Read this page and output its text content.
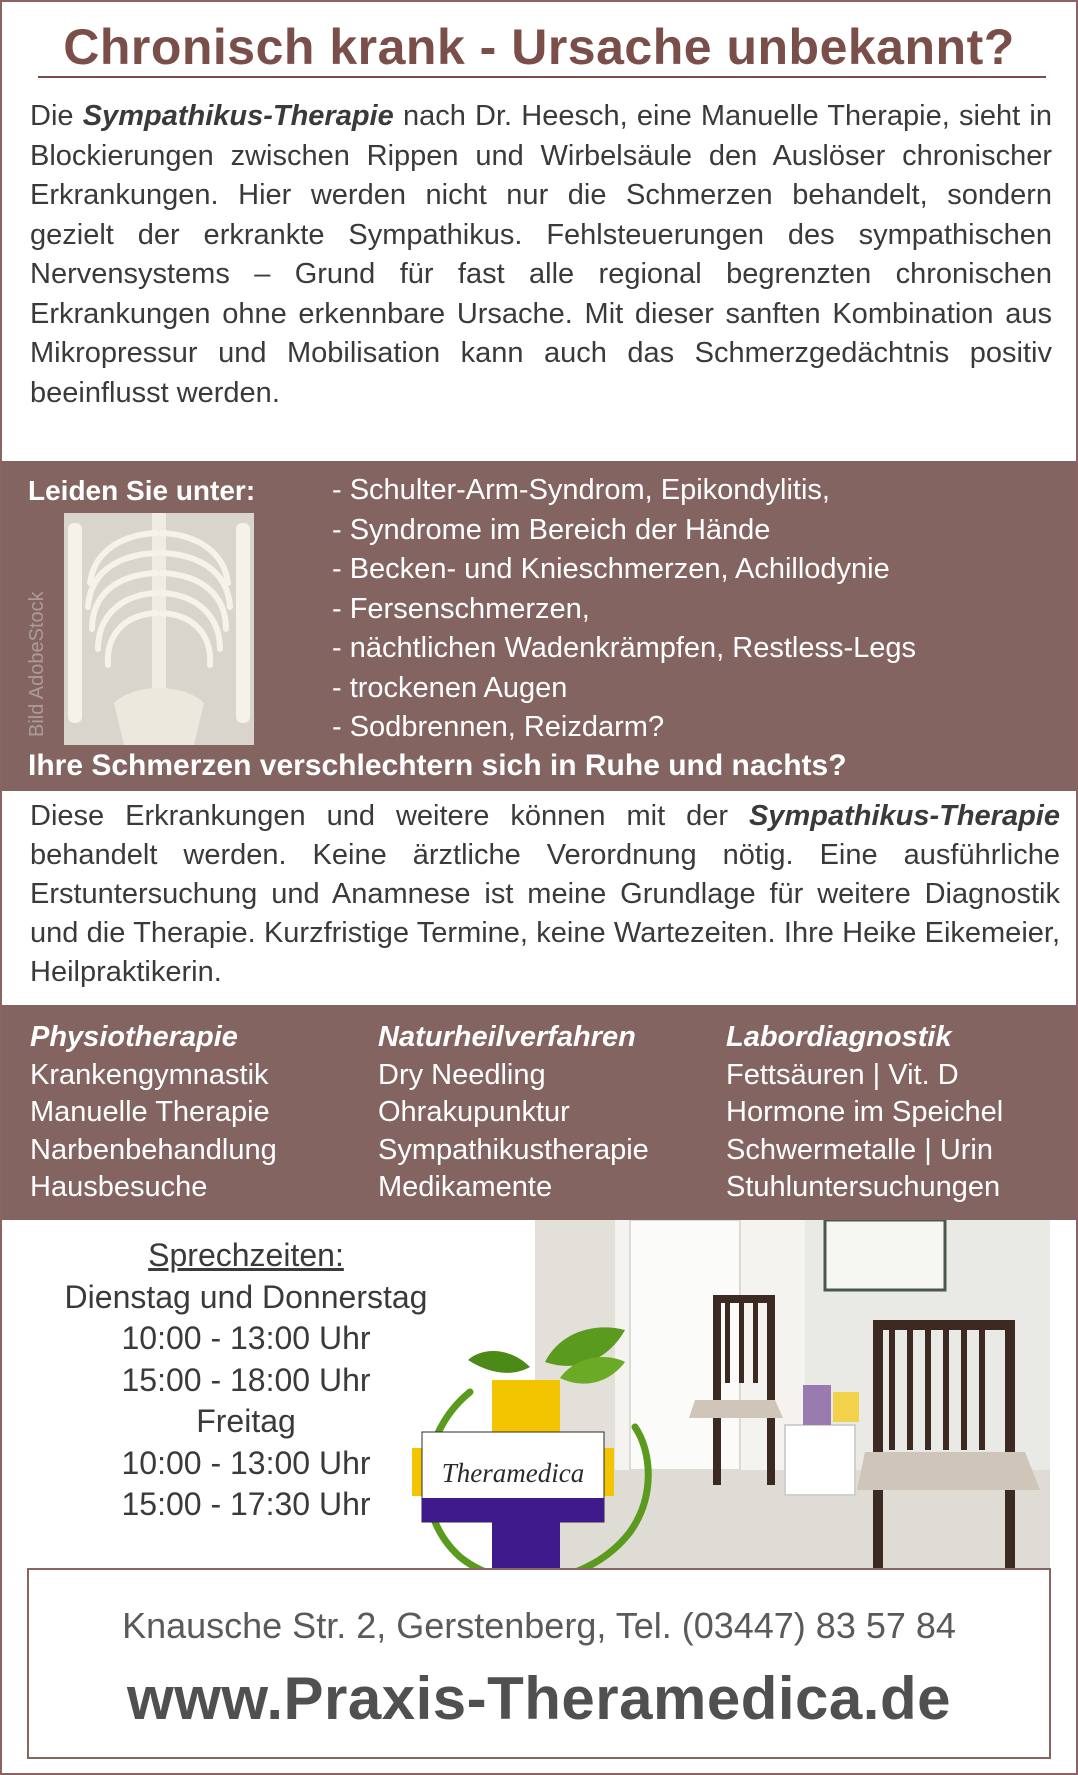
Chronisch krank - Ursache unbekannt?
Die Sympathikus-Therapie nach Dr. Heesch, eine Manuelle Therapie, sieht in Blockierungen zwischen Rippen und Wirbelsäule den Auslöser chronischer Erkrankungen. Hier werden nicht nur die Schmerzen behandelt, sondern gezielt der erkrankte Sympathikus. Fehlsteuerungen des sympathischen Nervensystems – Grund für fast alle regional begrenzten chronischen Erkrankungen ohne erkennbare Ursache. Mit dieser sanften Kombination aus Mikropressur und Mobilisation kann auch das Schmerzgedächtnis positiv beeinflusst werden.
Leiden Sie unter:	- Schulter-Arm-Syndrom, Epikondylitis,
- Syndrome im Bereich der Hände
- Becken- und Knieschmerzen, Achillodynie
- Fersenschmerzen,
- nächtlichen Wadenkrämpfen, Restless-Legs
- trockenen Augen
- Sodbrennen, Reizdarm?
Bild AdobeStock
Ihre Schmerzen verschlechtern sich in Ruhe und nachts?
Diese Erkrankungen und weitere können mit der Sympathikus-Therapie behandelt werden. Keine ärztliche Verordnung nötig. Eine ausführliche Erstuntersuchung und Anamnese ist meine Grundlage für weitere Diagnostik und die Therapie. Kurzfristige Termine, keine Wartezeiten. Ihre Heike Eikemeier, Heilpraktikerin.
Physiotherapie
Krankengymnastik
Manuelle Therapie
Narbenbehandlung
Hausbesuche
Naturheilverfahren
Dry Needling
Ohrakupunktur
Sympathikustherapie
Medikamente
Labordiagnostik
Fettsäuren | Vit. D
Hormone im Speichel
Schwermetalle | Urin
Stuhluntersuchungen
Sprechzeiten:
Dienstag und Donnerstag
10:00 - 13:00 Uhr
15:00 - 18:00 Uhr
Freitag
10:00 - 13:00 Uhr
15:00 - 17:30 Uhr
Theramedica
Knausche Str. 2, Gerstenberg, Tel. (03447) 83 57 84
www.Praxis-Theramedica.de
